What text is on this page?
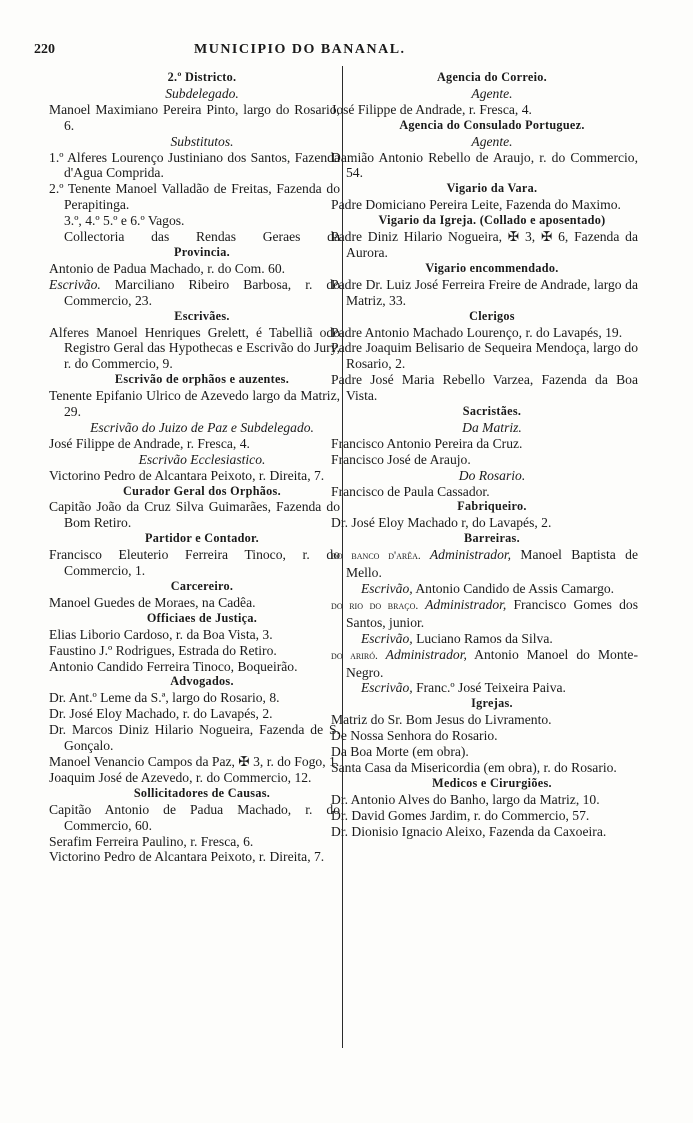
220	MUNICIPIO DO BANANAL.

2.º Districto.

Subdelegado.

Manoel Maximiano Pereira Pinto, largo do Rosario, 6.

Substitutos.

1.º Alferes Lourenço Justiniano dos Santos, Fazenda d'Agua Comprida.

2.º Tenente Manoel Valladão de Freitas, Fazenda do Perapitinga.

3.º, 4.º 5.º e 6.º Vagos.

Collectoria das Rendas Geraes da

Provincia.

Antonio de Padua Machado, r. do Com. 60.

Escrivão. Marciliano Ribeiro Barbosa, r. do Commercio, 23.

Escrivães.

Alferes Manoel Henriques Grelett, é Tabelliã odo Registro Geral das Hypothecas e Escrivão do Jury, r. do Commercio, 9.

Escrivão de orphãos e auzentes.

Tenente Epifanio Ulrico de Azevedo largo da Matriz, 29.

Escrivão do Juizo de Paz e Subdelegado.

José Filippe de Andrade, r. Fresca, 4.

Escrivão Ecclesiastico.

Victorino Pedro de Alcantara Peixoto, r. Direita, 7.

Curador Geral dos Orphãos.

Capitão João da Cruz Silva Guimarães, Fazenda do Bom Retiro.

Partidor e Contador.

Francisco Eleuterio Ferreira Tinoco, r. do Commercio, 1.

Carcereiro.

Manoel Guedes de Moraes, na Cadêa.

Officiaes de Justiça.

Elias Liborio Cardoso, r. da Boa Vista, 3.

Faustino J.º Rodrigues, Estrada do Retiro.

Antonio Candido Ferreira Tinoco, Boqueirão.

Advogados.

Dr. Ant.º Leme da S.ª, largo do Rosario, 8.

Dr. José Eloy Machado, r. do Lavapés, 2.

Dr. Marcos Diniz Hilario Nogueira, Fazenda de S. Gonçalo.

Manoel Venancio Campos da Paz, ✠ 3, r. do Fogo, 1.

Joaquim José de Azevedo, r. do Commercio, 12.

Sollicitadores de Causas.

Capitão Antonio de Padua Machado, r. do Commercio, 60.

Serafim Ferreira Paulino, r. Fresca, 6.

Victorino Pedro de Alcantara Peixoto, r. Direita, 7.

Agencia do Correio.

Agente.

José Filippe de Andrade, r. Fresca, 4.

Agencia do Consulado Portuguez.

Agente.

Damião Antonio Rebello de Araujo, r. do Commercio, 54.

Vigario da Vara.

Padre Domiciano Pereira Leite, Fazenda do Maximo.

Vigario da Igreja. (Collado e aposentado)

Padre Diniz Hilario Nogueira, ✠ 3, ✠ 6, Fazenda da Aurora.

Vigario encommendado.

Padre Dr. Luiz José Ferreira Freire de Andrade, largo da Matriz, 33.

Clerigos

Padre Antonio Machado Lourenço, r. do Lavapés, 19.

Padre Joaquim Belisario de Sequeira Mendoça, largo do Rosario, 2.

Padre José Maria Rebello Varzea, Fazenda da Boa Vista.

Sacristães.

Da Matriz.

Francisco Antonio Pereira da Cruz.

Francisco José de Araujo.

Do Rosario.

Francisco de Paula Cassador.

Fabriqueiro.

Dr. José Eloy Machado r, do Lavapés, 2.

Barreiras.

do banco d'arêa. Administrador, Manoel Baptista de Mello.

Escrivão, Antonio Candido de Assis Camargo.

do rio do braço. Administrador, Francisco Gomes dos Santos, junior.

Escrivão, Luciano Ramos da Silva.

do ariró. Administrador, Antonio Manoel do Monte-Negro.

Escrivão, Franc.º José Teixeira Paiva.

Igrejas.

Matriz do Sr. Bom Jesus do Livramento.

De Nossa Senhora do Rosario.

Da Boa Morte (em obra).

Santa Casa da Misericordia (em obra), r. do Rosario.

Medicos e Cirurgiões.

Dr. Antonio Alves do Banho, largo da Matriz, 10.

Dr. David Gomes Jardim, r. do Commercio, 57.

Dr. Dionisio Ignacio Aleixo, Fazenda da Caxoeira.
